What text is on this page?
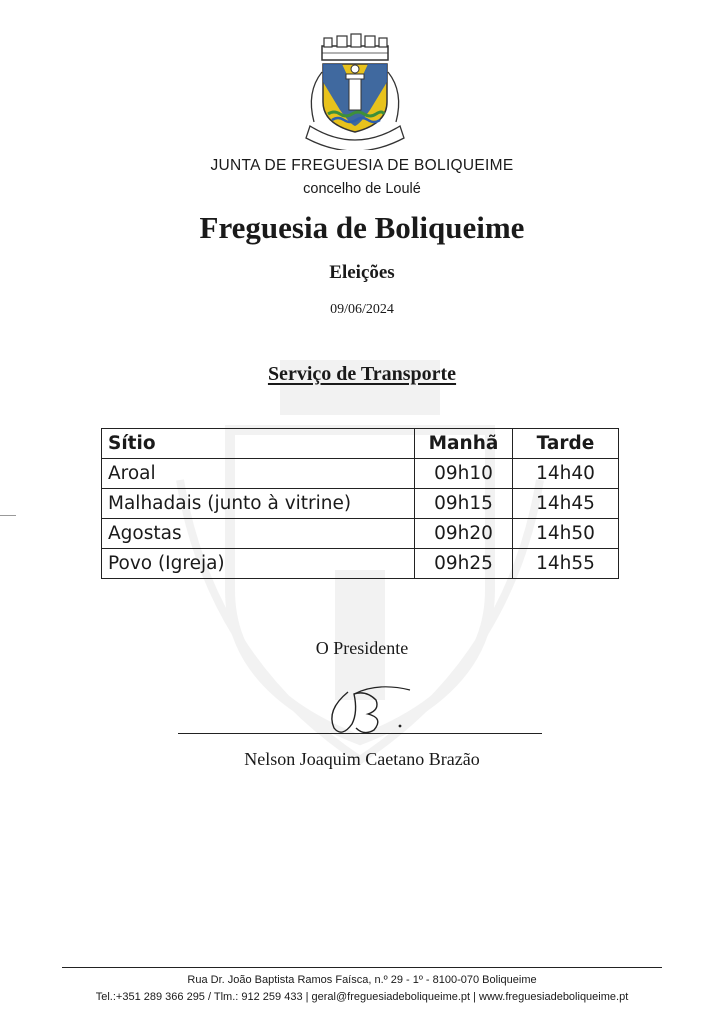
JUNTA DE FREGUESIA DE BOLIQUEIME
concelho de Loulé
Freguesia de Boliqueime
Eleições
09/06/2024
Serviço de Transporte
Sítio	Manhã	Tarde
Aroal	09h10	14h40
Malhadais (junto à vitrine)	09h15	14h45
Agostas	09h20	14h50
Povo (Igreja)	09h25	14h55
O Presidente
Nelson Joaquim Caetano Brazão
Rua Dr. João Baptista Ramos Faísca, n.º 29 - 1º - 8100-070 Boliqueime
Tel.:+351 289 366 295 / Tlm.: 912 259 433 | geral@freguesiadeboliqueime.pt | www.freguesiadeboliqueime.pt
